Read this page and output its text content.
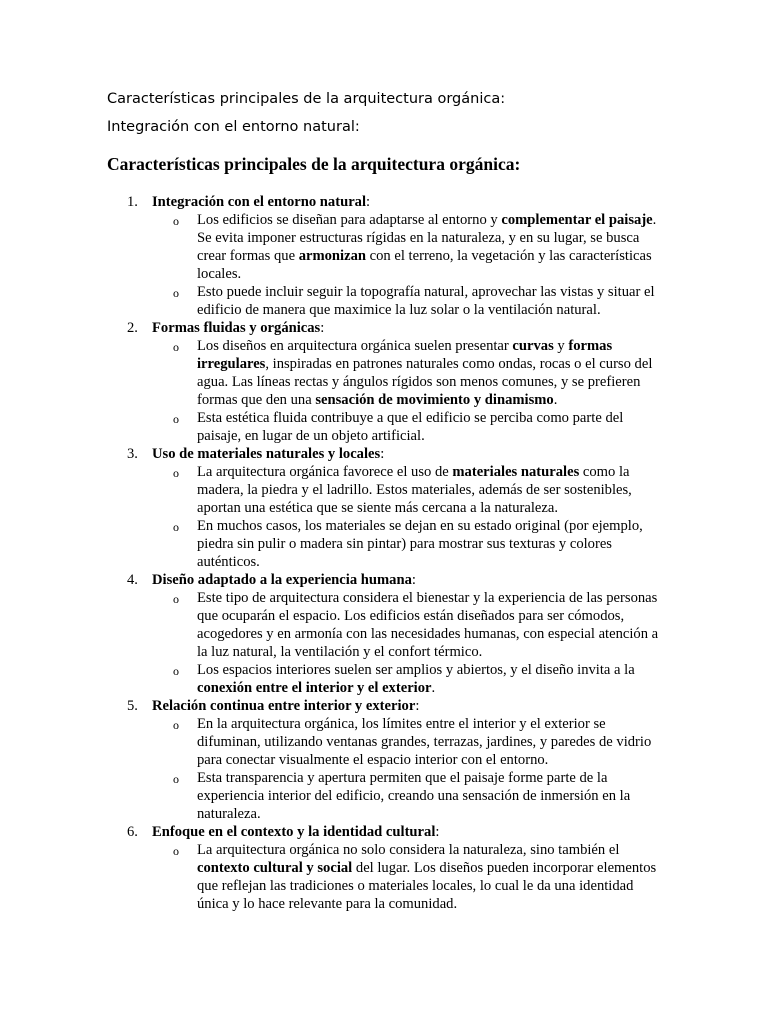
Características principales de la arquitectura orgánica:

Integración con el entorno natural:

Características principales de la arquitectura orgánica:
1. Integración con el entorno natural:
o Los edificios se diseñan para adaptarse al entorno y complementar el paisaje. Se evita imponer estructuras rígidas en la naturaleza, y en su lugar, se busca crear formas que armonizan con el terreno, la vegetación y las características locales.
o Esto puede incluir seguir la topografía natural, aprovechar las vistas y situar el edificio de manera que maximice la luz solar o la ventilación natural.
2. Formas fluidas y orgánicas:
o Los diseños en arquitectura orgánica suelen presentar curvas y formas irregulares, inspiradas en patrones naturales como ondas, rocas o el curso del agua. Las líneas rectas y ángulos rígidos son menos comunes, y se prefieren formas que den una sensación de movimiento y dinamismo.
o Esta estética fluida contribuye a que el edificio se perciba como parte del paisaje, en lugar de un objeto artificial.
3. Uso de materiales naturales y locales:
o La arquitectura orgánica favorece el uso de materiales naturales como la madera, la piedra y el ladrillo. Estos materiales, además de ser sostenibles, aportan una estética que se siente más cercana a la naturaleza.
o En muchos casos, los materiales se dejan en su estado original (por ejemplo, piedra sin pulir o madera sin pintar) para mostrar sus texturas y colores auténticos.
4. Diseño adaptado a la experiencia humana:
o Este tipo de arquitectura considera el bienestar y la experiencia de las personas que ocuparán el espacio. Los edificios están diseñados para ser cómodos, acogedores y en armonía con las necesidades humanas, con especial atención a la luz natural, la ventilación y el confort térmico.
o Los espacios interiores suelen ser amplios y abiertos, y el diseño invita a la conexión entre el interior y el exterior.
5. Relación continua entre interior y exterior:
o En la arquitectura orgánica, los límites entre el interior y el exterior se difuminan, utilizando ventanas grandes, terrazas, jardines, y paredes de vidrio para conectar visualmente el espacio interior con el entorno.
o Esta transparencia y apertura permiten que el paisaje forme parte de la experiencia interior del edificio, creando una sensación de inmersión en la naturaleza.
6. Enfoque en el contexto y la identidad cultural:
o La arquitectura orgánica no solo considera la naturaleza, sino también el contexto cultural y social del lugar. Los diseños pueden incorporar elementos que reflejan las tradiciones o materiales locales, lo cual le da una identidad única y lo hace relevante para la comunidad.
